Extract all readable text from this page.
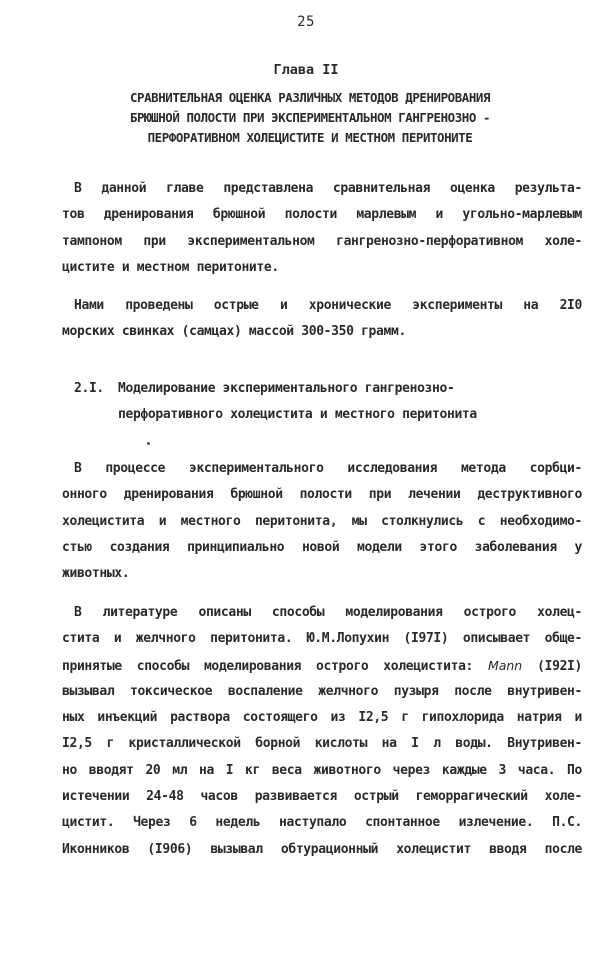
25
Глава II
СРАВНИТЕЛЬНАЯ ОЦЕНКА РАЗЛИЧНЫХ МЕТОДОВ ДРЕНИРОВАНИЯ
БРЮШНОЙ ПОЛОСТИ ПРИ ЭКСПЕРИМЕНТАЛЬНОМ ГАНГРЕНОЗНО -
ПЕРФОРАТИВНОМ ХОЛЕЦИСТИТЕ И МЕСТНОМ ПЕРИТОНИТЕ
В данной главе представлена сравнительная оценка результа-
тов дренирования брюшной полости марлевым и угольно-марлевым
тампоном при экспериментальном гангренозно-перфоративном холе-
цистите и местном перитоните.
Нами проведены острые и хронические эксперименты на 2I0
морских свинках (самцах) массой 300-350 грамм.
2.I. Моделирование экспериментального гангренозно-
перфоративного холецистита и местного перитонита
В процессе экспериментального исследования метода сорбци-
онного дренирования брюшной полости при лечении деструктивного
холецистита и местного перитонита, мы столкнулись с необходимо-
стью создания принципиально новой модели этого заболевания у
животных.
В литературе описаны способы моделирования острого холец-
стита и желчного перитонита. Ю.М.Лопухин (I97I) описывает обще-
принятые способы моделирования острого холецистита: Mann (I92I)
вызывал токсическое воспаление желчного пузыря после внутривен-
ных инъекций раствора состоящего из I2,5 г гипохлорида натрия и
I2,5 г кристаллической борной кислоты на I л воды. Внутривен-
но вводят 20 мл на I кг веса животного через каждые 3 часа. По
истечении 24-48 часов развивается острый геморрагический холе-
цистит. Через 6 недель наступало спонтанное излечение. П.С.
Иконников (I906) вызывал обтурационный холецистит вводя после
